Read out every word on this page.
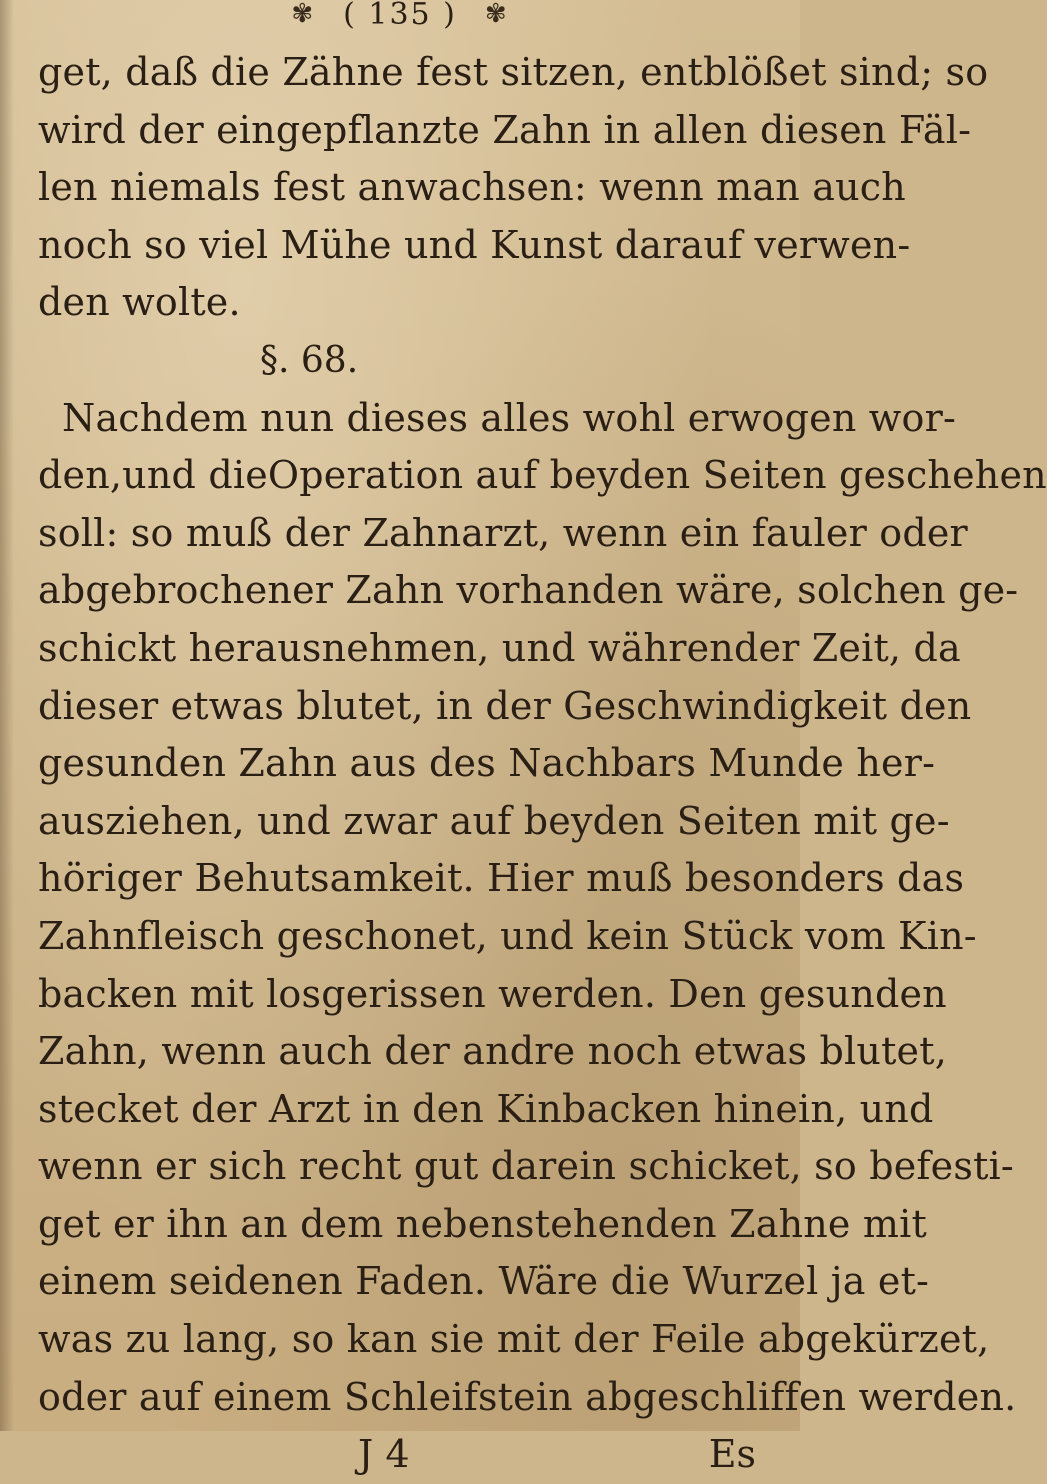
✾ ( 135 ) ✾
get, daß die Zähne fest sitzen, entblößet sind; so
wird der eingepflanzte Zahn in allen diesen Fäl-
len niemals fest anwachsen: wenn man auch
noch so viel Mühe und Kunst darauf verwen-
den wolte.
§. 68.
Nachdem nun dieses alles wohl erwogen wor-
den,und dieOperation auf beyden Seiten geschehen
soll: so muß der Zahnarzt, wenn ein fauler oder
abgebrochener Zahn vorhanden wäre, solchen ge-
schickt herausnehmen, und währender Zeit, da
dieser etwas blutet, in der Geschwindigkeit den
gesunden Zahn aus des Nachbars Munde her-
ausziehen, und zwar auf beyden Seiten mit ge-
höriger Behutsamkeit. Hier muß besonders das
Zahnfleisch geschonet, und kein Stück vom Kin-
backen mit losgerissen werden. Den gesunden
Zahn, wenn auch der andre noch etwas blutet,
stecket der Arzt in den Kinbacken hinein, und
wenn er sich recht gut darein schicket, so befesti-
get er ihn an dem nebenstehenden Zahne mit
einem seidenen Faden. Wäre die Wurzel ja et-
was zu lang, so kan sie mit der Feile abgekürzet,
oder auf einem Schleifstein abgeschliffen werden.
J 4	Es
